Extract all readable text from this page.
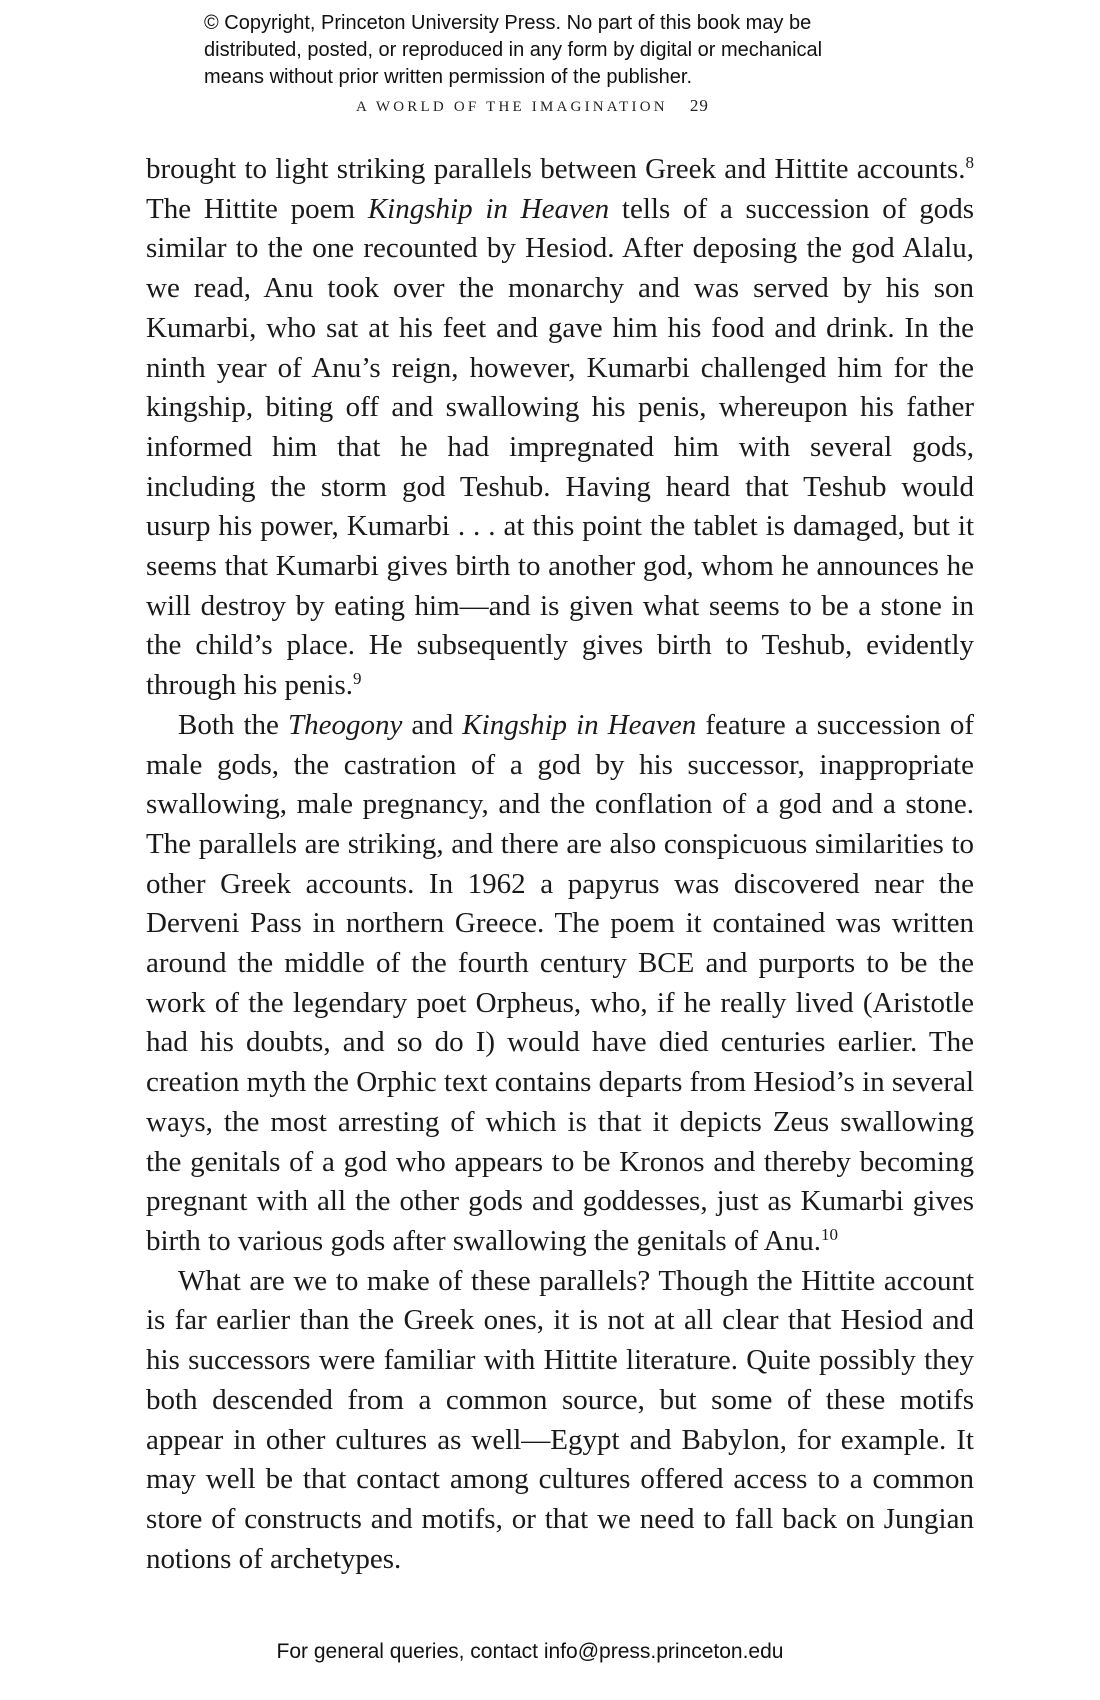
© Copyright, Princeton University Press. No part of this book may be
distributed, posted, or reproduced in any form by digital or mechanical
means without prior written permission of the publisher.
A WORLD OF THE IMAGINATION 29

brought to light striking parallels between Greek and Hittite accounts.$^8$ The Hittite poem Kingship in Heaven tells of a succession of gods similar to the one recounted by Hesiod. After deposing the god Alalu, we read, Anu took over the monarchy and was served by his son Kumarbi, who sat at his feet and gave him his food and drink. In the ninth year of Anu’s reign, however, Kumarbi challenged him for the kingship, biting off and swallowing his penis, whereupon his father informed him that he had impregnated him with several gods, including the storm god Teshub. Having heard that Teshub would usurp his power, Kumarbi . . . at this point the tablet is damaged, but it seems that Kumarbi gives birth to another god, whom he announces he will destroy by eating him—and is given what seems to be a stone in the child’s place. He subsequently gives birth to Teshub, evidently through his penis.$^9$

Both the Theogony and Kingship in Heaven feature a succession of male gods, the castration of a god by his successor, inappropriate swallowing, male pregnancy, and the conflation of a god and a stone. The parallels are striking, and there are also conspicuous similarities to other Greek accounts. In 1962 a papyrus was discovered near the Derveni Pass in northern Greece. The poem it contained was written around the middle of the fourth century BCE and purports to be the work of the legendary poet Orpheus, who, if he really lived (Aristotle had his doubts, and so do I) would have died centuries earlier. The creation myth the Orphic text contains departs from Hesiod’s in several ways, the most arresting of which is that it depicts Zeus swallowing the genitals of a god who appears to be Kronos and thereby becoming pregnant with all the other gods and goddesses, just as Kumarbi gives birth to various gods after swallowing the genitals of Anu.$^{10}$

What are we to make of these parallels? Though the Hittite account is far earlier than the Greek ones, it is not at all clear that Hesiod and his successors were familiar with Hittite literature. Quite possibly they both descended from a common source, but some of these motifs appear in other cultures as well—Egypt and Babylon, for example. It may well be that contact among cultures offered access to a common store of constructs and motifs, or that we need to fall back on Jungian notions of archetypes.

For general queries, contact info@press.princeton.edu
